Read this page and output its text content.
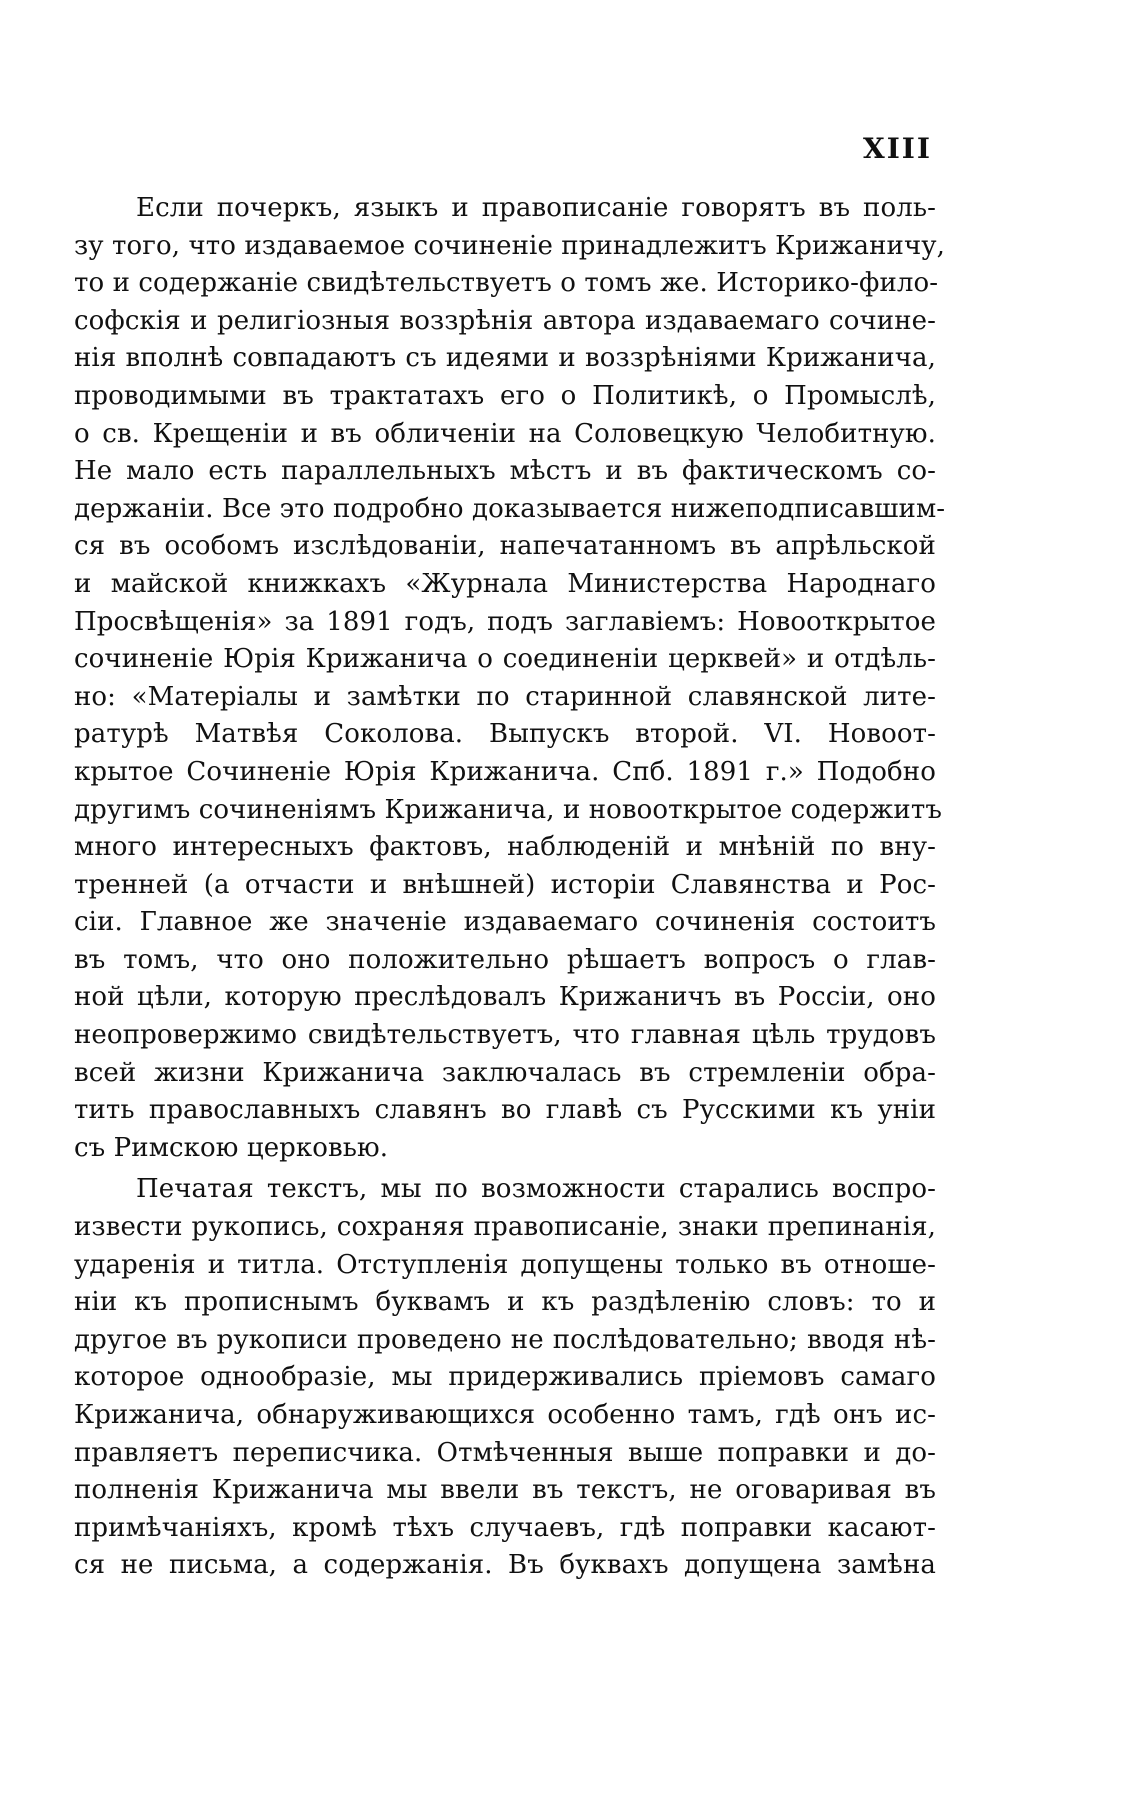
XIII
Если почеркъ, языкъ и правописаніе говорятъ въ поль-
зу того, что издаваемое сочиненіе принадлежитъ Крижаничу,
то и содержаніе свидѣтельствуетъ о томъ же. Историко-фило-
софскія и религіозныя воззрѣнія автора издаваемаго сочине-
нія вполнѣ совпадаютъ съ идеями и воззрѣніями Крижанича,
проводимыми въ трактатахъ его о Политикѣ, о Промыслѣ,
о св. Крещеніи и въ обличеніи на Соловецкую Челобитную.
Не мало есть параллельныхъ мѣстъ и въ фактическомъ со-
держаніи. Все это подробно доказывается нижеподписавшим-
ся въ особомъ изслѣдованіи, напечатанномъ въ апрѣльской
и майской книжкахъ «Журнала Министерства Народнаго
Просвѣщенія» за 1891 годъ, подъ заглавіемъ: Новооткрытое
сочиненіе Юрія Крижанича о соединеніи церквей» и отдѣль-
но: «Матеріалы и замѣтки по старинной славянской лите-
ратурѣ Матвѣя Соколова. Выпускъ второй. VI. Новоот-
крытое Сочиненіе Юрія Крижанича. Спб. 1891 г.» Подобно
другимъ сочиненіямъ Крижанича, и новооткрытое содержитъ
много интересныхъ фактовъ, наблюденій и мнѣній по вну-
тренней (а отчасти и внѣшней) исторіи Славянства и Рос-
сіи. Главное же значеніе издаваемаго сочиненія состоитъ
въ томъ, что оно положительно рѣшаетъ вопросъ о глав-
ной цѣли, которую преслѣдовалъ Крижаничъ въ Россіи, оно
неопровержимо свидѣтельствуетъ, что главная цѣль трудовъ
всей жизни Крижанича заключалась въ стремленіи обра-
тить православныхъ славянъ во главѣ съ Русскими къ уніи
съ Римскою церковью.
Печатая текстъ, мы по возможности старались воспро-
извести рукопись, сохраняя правописаніе, знаки препинанія,
ударенія и титла. Отступленія допущены только въ отноше-
ніи къ прописнымъ буквамъ и къ раздѣленію словъ: то и
другое въ рукописи проведено не послѣдовательно; вводя нѣ-
которое однообразіе, мы придерживались пріемовъ самаго
Крижанича, обнаруживающихся особенно тамъ, гдѣ онъ ис-
правляетъ переписчика. Отмѣченныя выше поправки и до-
полненія Крижанича мы ввели въ текстъ, не оговаривая въ
примѣчаніяхъ, кромѣ тѣхъ случаевъ, гдѣ поправки касают-
ся не письма, а содержанія. Въ буквахъ допущена замѣна
